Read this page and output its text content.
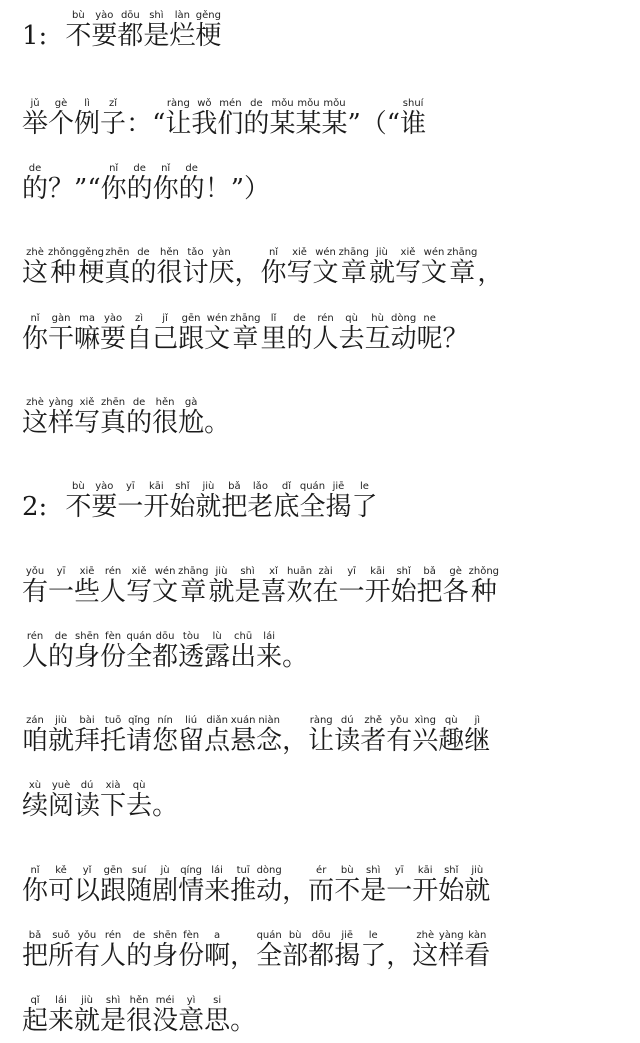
1: 不bù要yào都dōu是shì烂làn梗gěng
举jǔ个gè例lì子zǐ：“让ràng我wǒ们mén的de某mǒu某mǒu某mǒu”（“谁shuí
的de？”“你nǐ的de你nǐ的de！”）
这zhè种zhǒng梗gěng真zhēn的de很hěn讨tǎo厌yàn，你nǐ写xiě文wén章zhāng就jiù写xiě文wén章zhāng，
你nǐ干gàn嘛ma要yào自zì己jǐ跟gēn文wén章zhāng里lǐ的de人rén去qù互hù动dòng呢ne？
这zhè样yàng写xiě真zhēn的de很hěn尬gà。
2: 不bù要yào一yī开kāi始shǐ就jiù把bǎ老lǎo底dǐ全quán揭jiē了le
有yǒu一yī些xiē人rén写xiě文wén章zhāng就jiù是shì喜xǐ欢huān在zài一yī开kāi始shǐ把bǎ各gè种zhǒng
人rén的de身shēn份fèn全quán都dōu透tòu露lù出chū来lái。
咱zán就jiù拜bài托tuō请qǐng您nín留liú点diǎn悬xuán念niàn，让ràng读dú者zhě有yǒu兴xìng趣qù继jì
续xù阅yuè读dú下xià去qù。
你nǐ可kě以yǐ跟gēn随suí剧jù情qíng来lái推tuī动dòng，而ér不bù是shì一yī开kāi始shǐ就jiù
把bǎ所suǒ有yǒu人rén的de身shēn份fèn啊a，全quán部bù都dōu揭jiē了le，这zhè样yàng看kàn
起qǐ来lái就jiù是shì很hěn没méi意yì思si。
